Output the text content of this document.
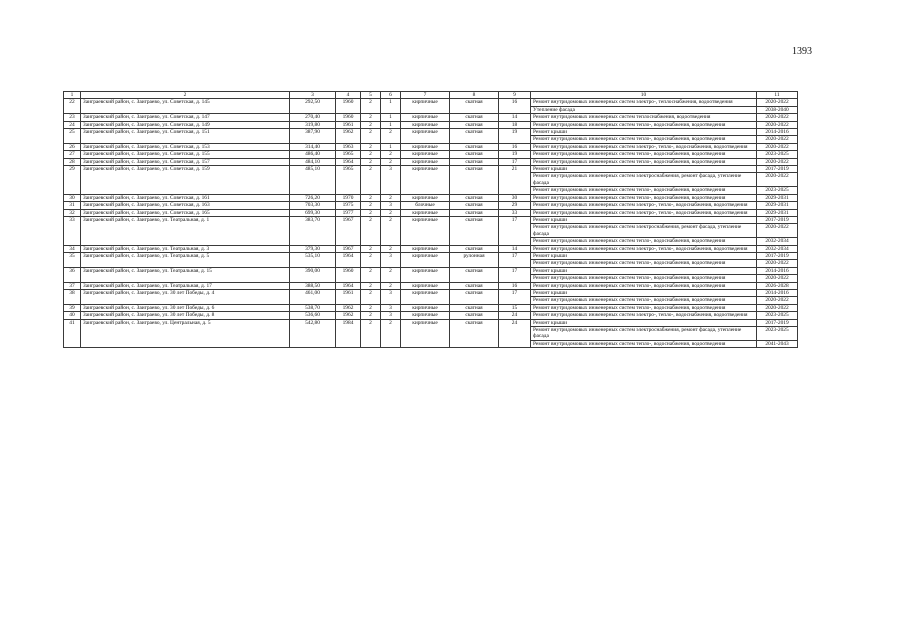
1393
1	2	3	4	5	6	7	8	9	10	11
22	Заиграевский район, с. Заиграево, ул. Советская, д. 145	292,50	1960	2	1	кирпичные	скатная	16	Ремонт внутридомовых инженерных систем электро-, теплоснабжения, водоотведения	2020-2022
									Утепление фасада	2038-2040
23	Заиграевский район, с. Заиграево, ул. Советская, д. 147	270,40	1960	2	1	кирпичные	скатная	14	Ремонт внутридомовых инженерных систем теплоснабжения, водоотведения	2020-2022
24	Заиграевский район, с. Заиграево, ул. Советская, д. 149	319,80	1961	2	1	кирпичные	скатная	18	Ремонт внутридомовых инженерных систем тепло-, водоснабжения, водоотведения	2020-2022
25	Заиграевский район, с. Заиграево, ул. Советская, д. 151	387,90	1962	2	2	кирпичные	скатная	19	Ремонт крыши	2014-2016
									Ремонт внутридомовых инженерных систем тепло-, водоснабжения, водоотведения	2020-2022
26	Заиграевский район, с. Заиграево, ул. Советская, д. 153	314,40	1963	2	1	кирпичные	скатная	16	Ремонт внутридомовых инженерных систем электро-, тепло-, водоснабжения, водоотведения	2020-2022
27	Заиграевский район, с. Заиграево, ул. Советская, д. 155	486,40	1965	2	2	кирпичные	скатная	19	Ремонт внутридомовых инженерных систем тепло-, водоснабжения, водоотведения	2023-2025
28	Заиграевский район, с. Заиграево, ул. Советская, д. 157	484,10	1964	2	2	кирпичные	скатная	17	Ремонт внутридомовых инженерных систем тепло-, водоснабжения, водоотведения	2020-2022
29	Заиграевский район, с. Заиграево, ул. Советская, д. 159	485,10	1965	2	3	кирпичные	скатная	21	Ремонт крыши	2017-2019
									Ремонт внутридомовых инженерных систем электроснабжения, ремонт фасада, утепление фасада	2020-2022
									Ремонт внутридомовых инженерных систем тепло-, водоснабжения, водоотведения	2023-2025
30	Заиграевский район, с. Заиграево, ул. Советская, д. 161	726,20	1970	2	2	кирпичные	скатная	30	Ремонт внутридомовых инженерных систем тепло-, водоснабжения, водоотведения	2029-2031
31	Заиграевский район, с. Заиграево, ул. Советская, д. 163	703,30	1975	2	3	блочные	скатная	29	Ремонт внутридомовых инженерных систем электро-, тепло-, водоснабжения, водоотведения	2029-2031
32	Заиграевский район, с. Заиграево, ул. Советская, д. 165	699,30	1977	2	2	кирпичные	скатная	33	Ремонт внутридомовых инженерных систем электро-, тепло-, водоснабжения, водоотведения	2029-2031
33	Заиграевский район, с. Заиграево, ул. Театральная, д. 1	383,70	1967	2	2	кирпичные	скатная	17	Ремонт крыши	2017-2019
									Ремонт внутридомовых инженерных систем электроснабжения, ремонт фасада, утепление фасада	2020-2022
									Ремонт внутридомовых инженерных систем тепло-, водоснабжения, водоотведения	2032-2034
34	Заиграевский район, с. Заиграево, ул. Театральная, д. 3	379,30	1967	2	2	кирпичные	скатная	14	Ремонт внутридомовых инженерных систем электро-, тепло-, водоснабжения, водоотведения	2032-2034
35	Заиграевский район, с. Заиграево, ул. Театральная, д. 5	535,10	1964	2	3	кирпичные	рулонная	17	Ремонт крыши	2017-2019
									Ремонт внутридомовых инженерных систем тепло-, водоснабжения, водоотведения	2020-2022
36	Заиграевский район, с. Заиграево, ул. Театральная, д. 15	390,00	1960	2	2	кирпичные	скатная	17	Ремонт крыши	2014-2016
									Ремонт внутридомовых инженерных систем тепло-, водоснабжения, водоотведения	2020-2022
37	Заиграевский район, с. Заиграево, ул. Театральная, д. 17	388,50	1964	2	2	кирпичные	скатная	16	Ремонт внутридомовых инженерных систем тепло-, водоснабжения, водоотведения	2026-2028
38	Заиграевский район, с. Заиграево, ул. 30 лет Победы, д. 4	461,00	1961	2	3	кирпичные	скатная	17	Ремонт крыши	2014-2016
									Ремонт внутридомовых инженерных систем тепло-, водоснабжения, водоотведения	2020-2022
39	Заиграевский район, с. Заиграево, ул. 30 лет Победы, д. 6	538,70	1962	2	3	кирпичные	скатная	15	Ремонт внутридомовых инженерных систем тепло-, водоснабжения, водоотведения	2020-2022
40	Заиграевский район, с. Заиграево, ул. 30 лет Победы, д. 8	536,60	1962	2	3	кирпичные	скатная	24	Ремонт внутридомовых инженерных систем электро-, тепло-, водоснабжения, водоотведения	2023-2025
41	Заиграевский район, с. Заиграево, ул. Центральная, д. 5	542,80	1984	2	2	кирпичные	скатная	24	Ремонт крыши	2017-2019
									Ремонт внутридомовых инженерных систем электроснабжения, ремонт фасада, утепление фасада	2023-2025
									Ремонт внутридомовых инженерных систем тепло-, водоснабжения, водоотведения	2041-2043
